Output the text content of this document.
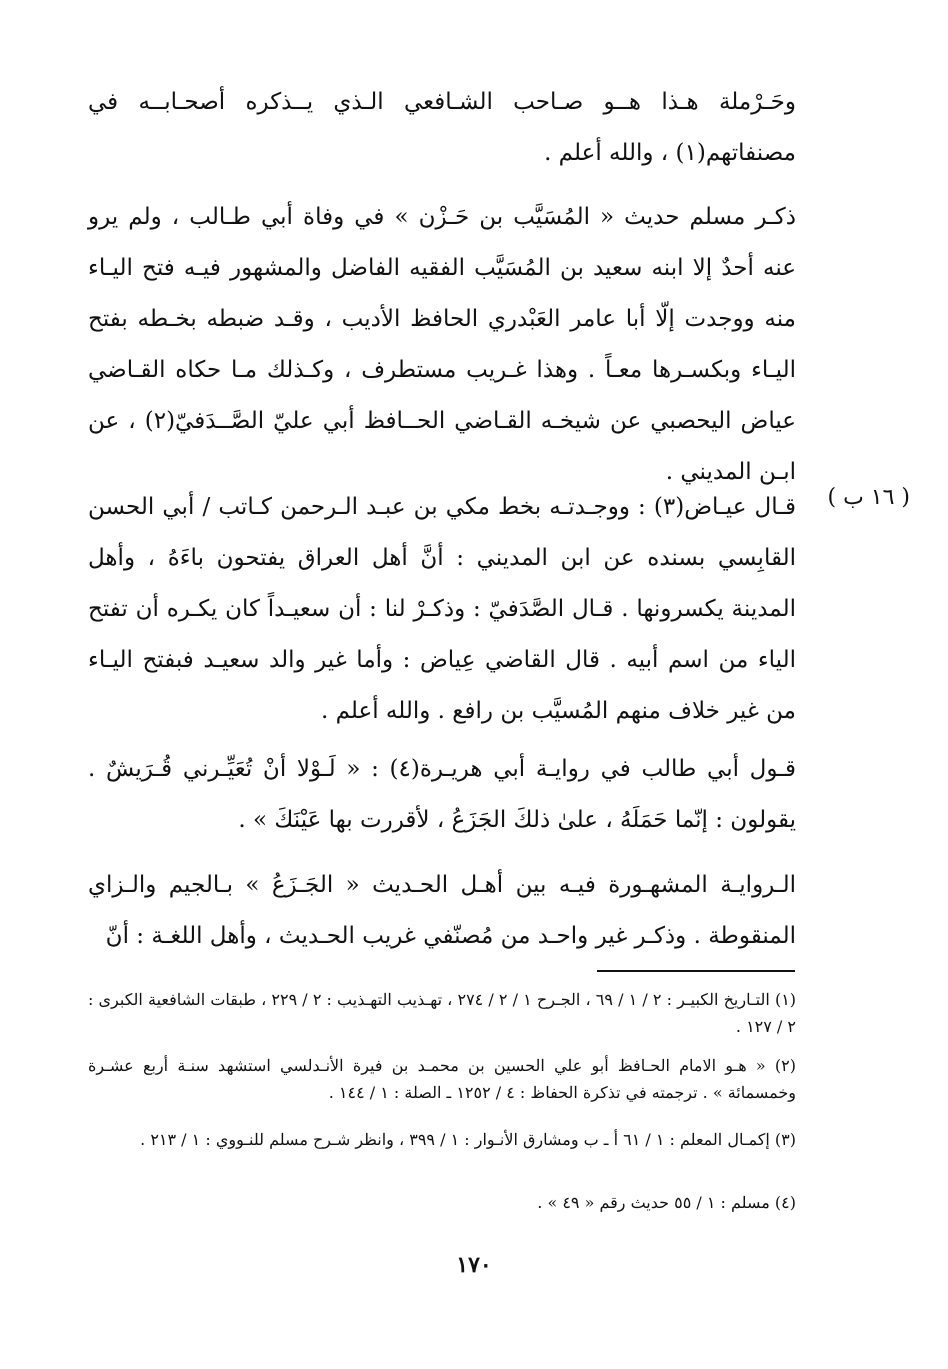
وحَـرْملة هـذا هــو صـاحب الشـافعي الـذي يــذكره أصحـابــه في مصنفاتهم(١) ، والله أعلم .
ذكـر مسلم حديث « المُسَيَّب بن حَـزْن » في وفاة أبي طـالب ، ولم يرو عنه أحدٌ إلا ابنه سعيد بن المُسَيَّب الفقيه الفاضل والمشهور فيـه فتح اليـاء منه ووجدت إلّا أبا عامر العَبْدري الحافظ الأديب ، وقـد ضبطه بخـطه بفتح اليـاء وبكسـرها معـاً . وهذا غـريب مستطرف ، وكـذلك مـا حكاه القـاضي عياض اليحصبي عن شيخـه القـاضي الحــافظ أبي عليّ الصَّــدَفيّ(٢) ، عن ابـن المديني .
( ١٦ ب )
قـال عيـاض(٣) : ووجـدتـه بخط مكي بن عبـد الـرحمن كـاتب / أبي الحسن القابِسي بسنده عن ابن المديني : أنَّ أهل العراق يفتحون باءَهُ ، وأهل المدينة يكسرونها . قـال الصَّدَفيّ : وذكـرْ لنا : أن سعيـداً كان يكـره أن تفتح الياء من اسم أبيه . قال القاضي عِياض : وأما غير والد سعيـد فبفتح اليـاء من غير خلاف منهم المُسيَّب بن رافع . والله أعلم .
قـول أبي طالب في روايـة أبي هريـرة(٤) : « لَـوْلا أنْ تُعَيِّـرني قُـرَيشٌ . يقولون : إنّما حَمَلَهُ ، علىٰ ذلكَ الجَزَعُ ، لأقررت بها عَيْنَكَ » .
الـروايـة المشهـورة فيـه بين أهـل الحـديث « الجَـزَعُ » بـالجيم والـزاي المنقوطة . وذكـر غير واحـد من مُصنّفي غريب الحـديث ، وأهل اللغـة : أنّ
(١) التـاريخ الكبيـر : ٢ / ١ / ٦٩ ، الجـرح ١ / ٢ / ٢٧٤ ، تهـذيب التهـذيب : ٢ / ٢٢٩ ، طبقات الشافعية الكبرى : ٢ / ١٢٧ .
(٢) « هـو الامام الحـافظ أبو علي الحسين بن محمـد بن فيرة الأنـدلسي استشهد سنـة أربع عشـرة وخمسمائة » . ترجمته في تذكرة الحفاظ : ٤ / ١٢٥٢ ـ الصلة : ١ / ١٤٤ .
(٣) إكمـال المعلم : ١ / ٦١ أ ـ ب ومشارق الأنـوار : ١ / ٣٩٩ ، وانظر شـرح مسلم للنـووي : ١ / ٢١٣ .
(٤) مسلم : ١ / ٥٥ حديث رقم « ٤٩ » .
١٧٠
